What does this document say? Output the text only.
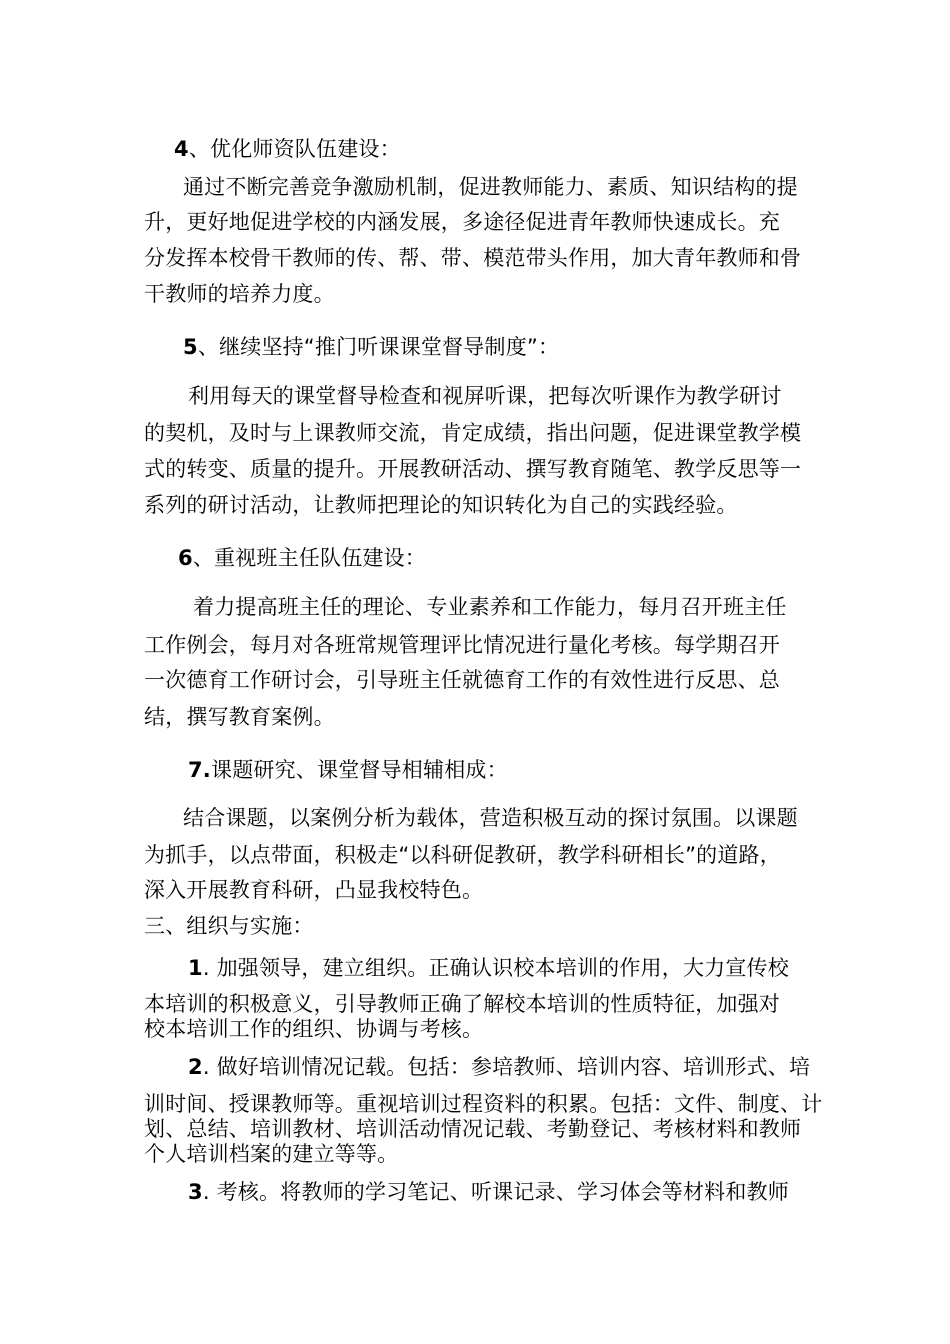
4、优化师资队伍建设：
通过不断完善竞争激励机制，促进教师能力、素质、知识结构的提
升，更好地促进学校的内涵发展，多途径促进青年教师快速成长。充
分发挥本校骨干教师的传、帮、带、模范带头作用，加大青年教师和骨
干教师的培养力度。
5、继续坚持“推门听课课堂督导制度”：
利用每天的课堂督导检查和视屏听课，把每次听课作为教学研讨
的契机，及时与上课教师交流，肯定成绩，指出问题，促进课堂教学模
式的转变、质量的提升。开展教研活动、撰写教育随笔、教学反思等一
系列的研讨活动，让教师把理论的知识转化为自己的实践经验。
6、重视班主任队伍建设：
着力提高班主任的理论、专业素养和工作能力，每月召开班主任
工作例会，每月对各班常规管理评比情况进行量化考核。每学期召开
一次德育工作研讨会，引导班主任就德育工作的有效性进行反思、总
结，撰写教育案例。
7.课题研究、课堂督导相辅相成：
结合课题，以案例分析为载体，营造积极互动的探讨氛围。以课题
为抓手，以点带面，积极走“以科研促教研，教学科研相长”的道路，
深入开展教育科研，凸显我校特色。
三、组织与实施：
1. 加强领导，建立组织。正确认识校本培训的作用，大力宣传校
本培训的积极意义，引导教师正确了解校本培训的性质特征，加强对
校本培训工作的组织、协调与考核。
2. 做好培训情况记载。包括：参培教师、培训内容、培训形式、培
训时间、授课教师等。重视培训过程资料的积累。包括：文件、制度、计
划、总结、培训教材、培训活动情况记载、考勤登记、考核材料和教师
个人培训档案的建立等等。
3. 考核。将教师的学习笔记、听课记录、学习体会等材料和教师
